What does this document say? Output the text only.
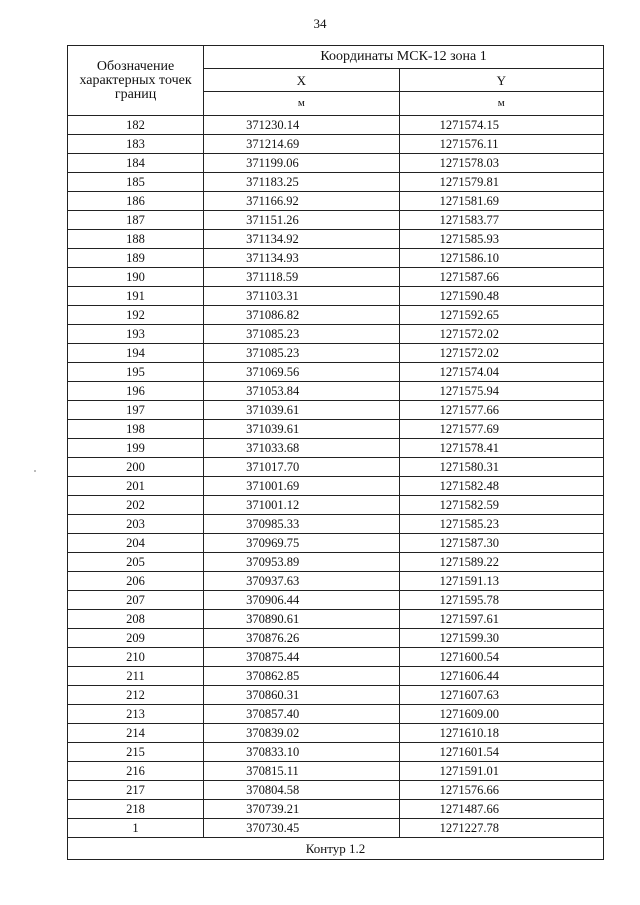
34
Обозначение характерных точек границ	Координаты МСК-12 зона 1	
	X	Y
	м	м
182	371230.14	1271574.15
183	371214.69	1271576.11
184	371199.06	1271578.03
185	371183.25	1271579.81
186	371166.92	1271581.69
187	371151.26	1271583.77
188	371134.92	1271585.93
189	371134.93	1271586.10
190	371118.59	1271587.66
191	371103.31	1271590.48
192	371086.82	1271592.65
193	371085.23	1271572.02
194	371085.23	1271572.02
195	371069.56	1271574.04
196	371053.84	1271575.94
197	371039.61	1271577.66
198	371039.61	1271577.69
199	371033.68	1271578.41
200	371017.70	1271580.31
201	371001.69	1271582.48
202	371001.12	1271582.59
203	370985.33	1271585.23
204	370969.75	1271587.30
205	370953.89	1271589.22
206	370937.63	1271591.13
207	370906.44	1271595.78
208	370890.61	1271597.61
209	370876.26	1271599.30
210	370875.44	1271600.54
211	370862.85	1271606.44
212	370860.31	1271607.63
213	370857.40	1271609.00
214	370839.02	1271610.18
215	370833.10	1271601.54
216	370815.11	1271591.01
217	370804.58	1271576.66
218	370739.21	1271487.66
1	370730.45	1271227.78
Контур 1.2		
